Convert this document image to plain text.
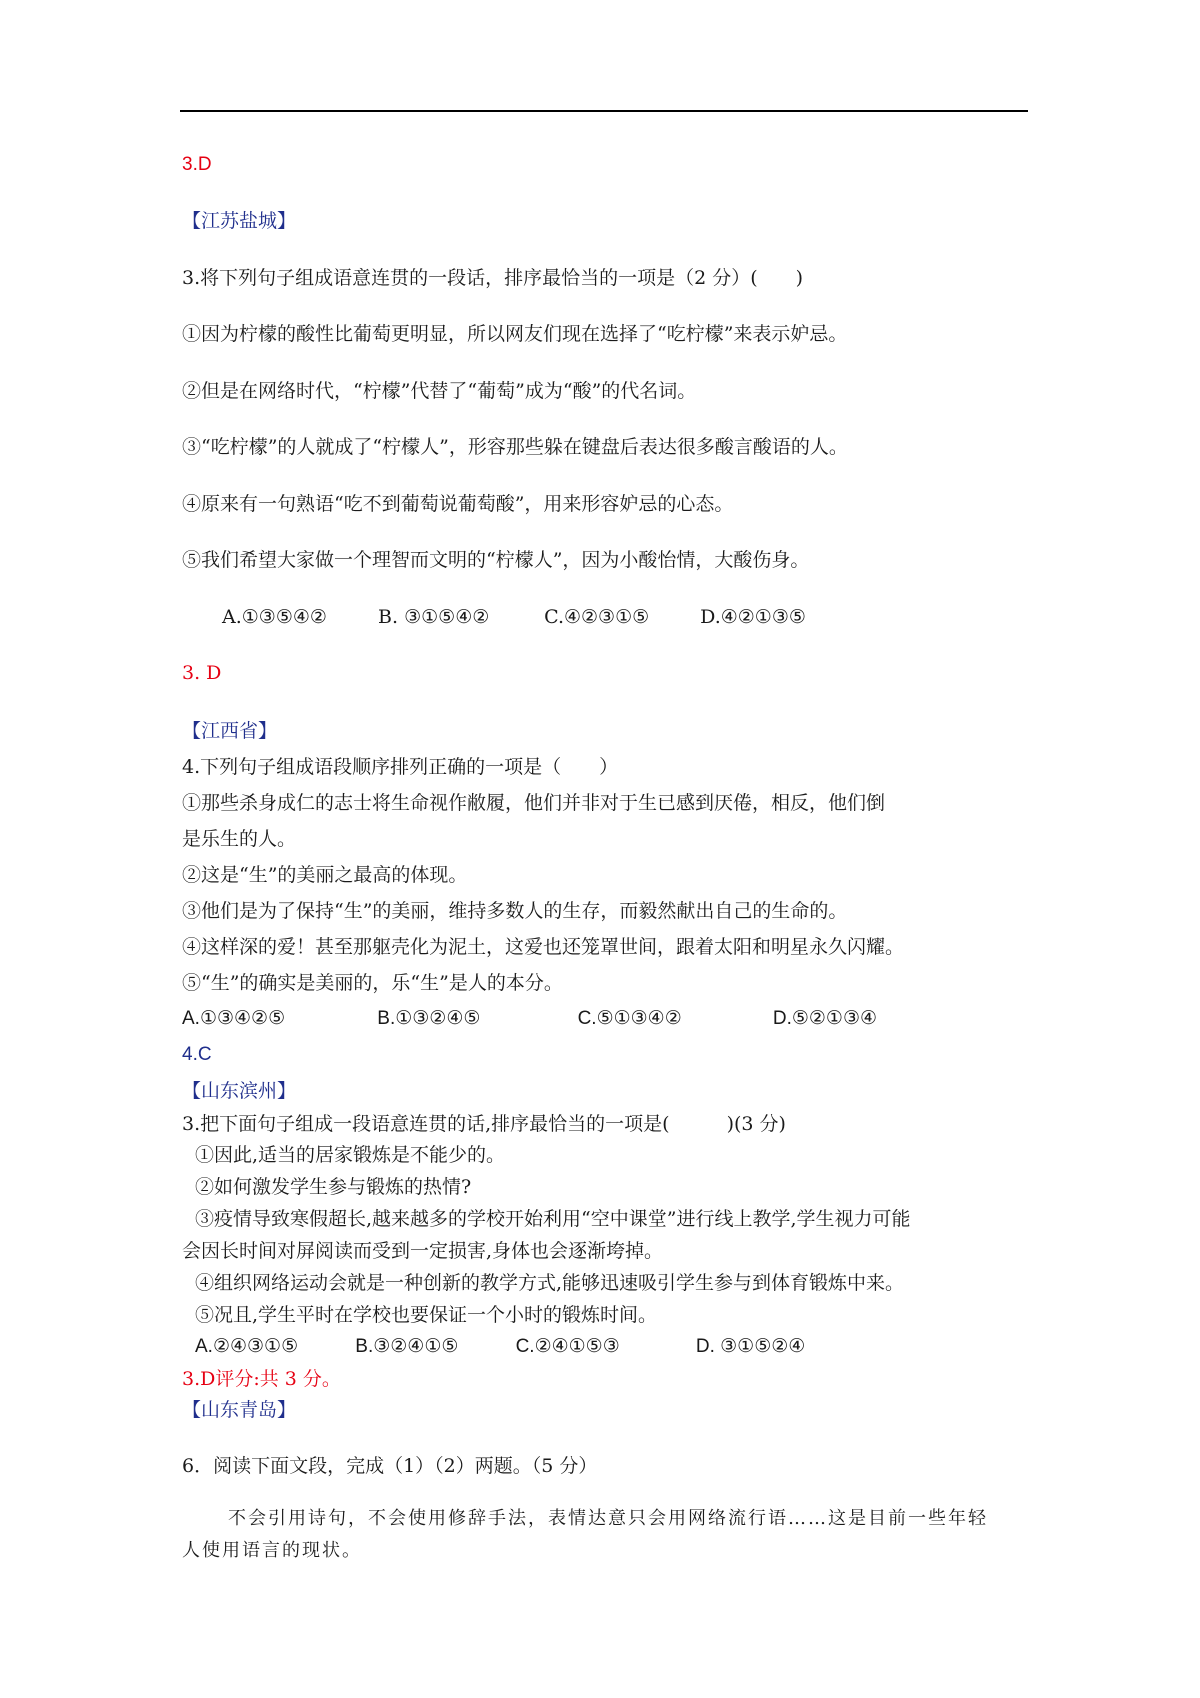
3.D
【江苏盐城】
3.将下列句子组成语意连贯的一段话，排序最恰当的一项是（2 分）(　　)
①因为柠檬的酸性比葡萄更明显，所以网友们现在选择了“吃柠檬”来表示妒忌。
②但是在网络时代，“柠檬”代替了“葡萄”成为“酸”的代名词。
③“吃柠檬”的人就成了“柠檬人”，形容那些躲在键盘后表达很多酸言酸语的人。
④原来有一句熟语“吃不到葡萄说葡萄酸”，用来形容妒忌的心态。
⑤我们希望大家做一个理智而文明的“柠檬人”，因为小酸怡情，大酸伤身。
A.①③⑤④②	B. ③①⑤④②	C.④②③①⑤	D.④②①③⑤
3. D
【江西省】
4.下列句子组成语段顺序排列正确的一项是（　　）
①那些杀身成仁的志士将生命视作敝履，他们并非对于生已感到厌倦，相反，他们倒
是乐生的人。
②这是“生”的美丽之最高的体现。
③他们是为了保持“生”的美丽，维持多数人的生存，而毅然献出自己的生命的。
④这样深的爱！甚至那躯壳化为泥土，这爱也还笼罩世间，跟着太阳和明星永久闪耀。
⑤“生”的确实是美丽的，乐“生”是人的本分。
A.①③④②⑤	B.①③②④⑤	C.⑤①③④②	D.⑤②①③④
4.C
【山东滨州】
3.把下面句子组成一段语意连贯的话,排序最恰当的一项是(　　　)(3 分)
①因此,适当的居家锻炼是不能少的。
②如何激发学生参与锻炼的热情?
③疫情导致寒假超长,越来越多的学校开始利用“空中课堂”进行线上教学,学生视力可能
会因长时间对屏阅读而受到一定损害,身体也会逐渐垮掉。
④组织网络运动会就是一种创新的教学方式,能够迅速吸引学生参与到体育锻炼中来。
⑤况且,学生平时在学校也要保证一个小时的锻炼时间。
A.②④③①⑤	B.③②④①⑤	C.②④①⑤③	D. ③①⑤②④
3.D评分:共 3 分。
【山东青岛】
6．阅读下面文段，完成（1）（2）两题。（5 分）
不会引用诗句，不会使用修辞手法，表情达意只会用网络流行语……这是目前一些年轻
人使用语言的现状。
